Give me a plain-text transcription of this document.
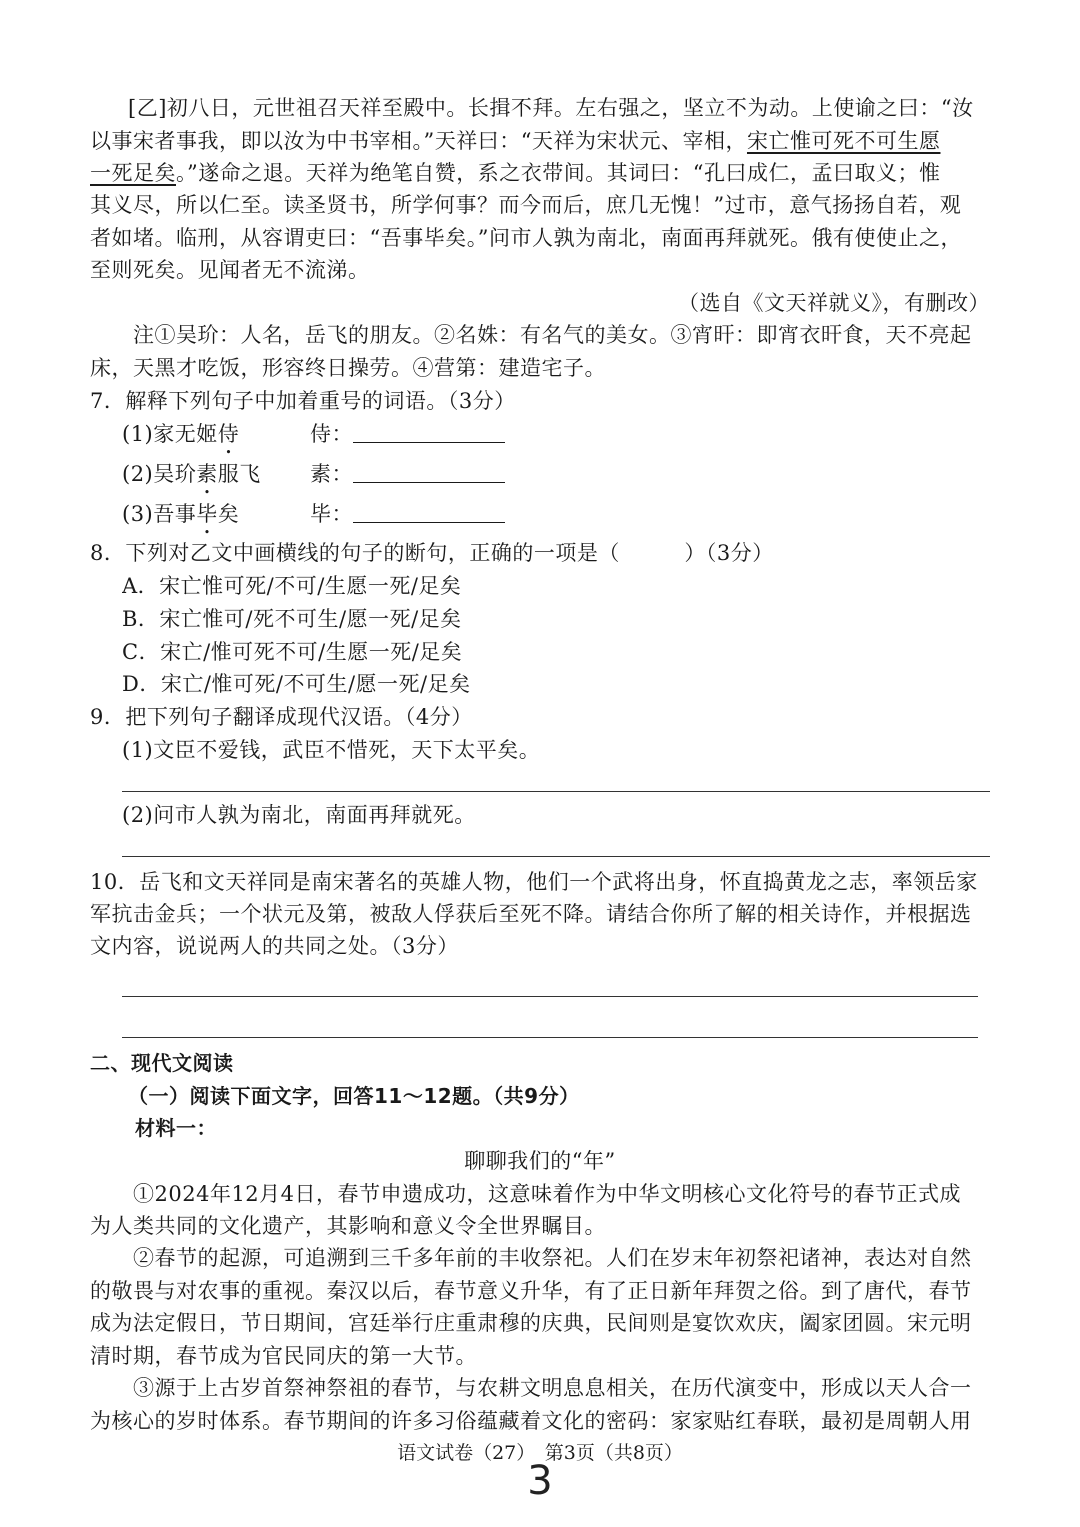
[乙]初八日，元世祖召天祥至殿中。长揖不拜。左右强之，坚立不为动。上使谕之曰：“汝
以事宋者事我，即以汝为中书宰相。”天祥曰：“天祥为宋状元、宰相，宋亡惟可死不可生愿
一死足矣。”遂命之退。天祥为绝笔自赞，系之衣带间。其词曰：“孔曰成仁，孟曰取义；惟
其义尽，所以仁至。读圣贤书，所学何事？而今而后，庶几无愧！”过市，意气扬扬自若，观
者如堵。临刑，从容谓吏曰：“吾事毕矣。”问市人孰为南北，南面再拜就死。俄有使使止之，
至则死矣。见闻者无不流涕。
（选自《文天祥就义》，有删改）
注①吴玠：人名，岳飞的朋友。②名姝：有名气的美女。③宵旰：即宵衣旰食，天不亮起
床，天黑才吃饭，形容终日操劳。④营第：建造宅子。
7．解释下列句子中加着重号的词语。（3分）
(1)家无姬侍	侍：
(2)吴玠素服飞 素：
(3)吾事毕矣	毕：
8．下列对乙文中画横线的句子的断句，正确的一项是（　　　）（3分）
A．宋亡惟可死/不可/生愿一死/足矣
B．宋亡惟可/死不可生/愿一死/足矣
C．宋亡/惟可死不可/生愿一死/足矣
D．宋亡/惟可死/不可生/愿一死/足矣
9．把下列句子翻译成现代汉语。（4分）
(1)文臣不爱钱，武臣不惜死，天下太平矣。
(2)问市人孰为南北，南面再拜就死。
10．岳飞和文天祥同是南宋著名的英雄人物，他们一个武将出身，怀直捣黄龙之志，率领岳家
军抗击金兵；一个状元及第，被敌人俘获后至死不降。请结合你所了解的相关诗作，并根据选
文内容，说说两人的共同之处。（3分）
二、现代文阅读
（一）阅读下面文字，回答11～12题。（共9分）
材料一：
聊聊我们的“年”
①2024年12月4日，春节申遗成功，这意味着作为中华文明核心文化符号的春节正式成
为人类共同的文化遗产，其影响和意义令全世界瞩目。
②春节的起源，可追溯到三千多年前的丰收祭祀。人们在岁末年初祭祀诸神，表达对自然
的敬畏与对农事的重视。秦汉以后，春节意义升华，有了正日新年拜贺之俗。到了唐代，春节
成为法定假日，节日期间，宫廷举行庄重肃穆的庆典，民间则是宴饮欢庆，阖家团圆。宋元明
清时期，春节成为官民同庆的第一大节。
③源于上古岁首祭神祭祖的春节，与农耕文明息息相关，在历代演变中，形成以天人合一
为核心的岁时体系。春节期间的许多习俗蕴藏着文化的密码：家家贴红春联，最初是周朝人用
语文试卷（27）　第3页（共8页）
3
